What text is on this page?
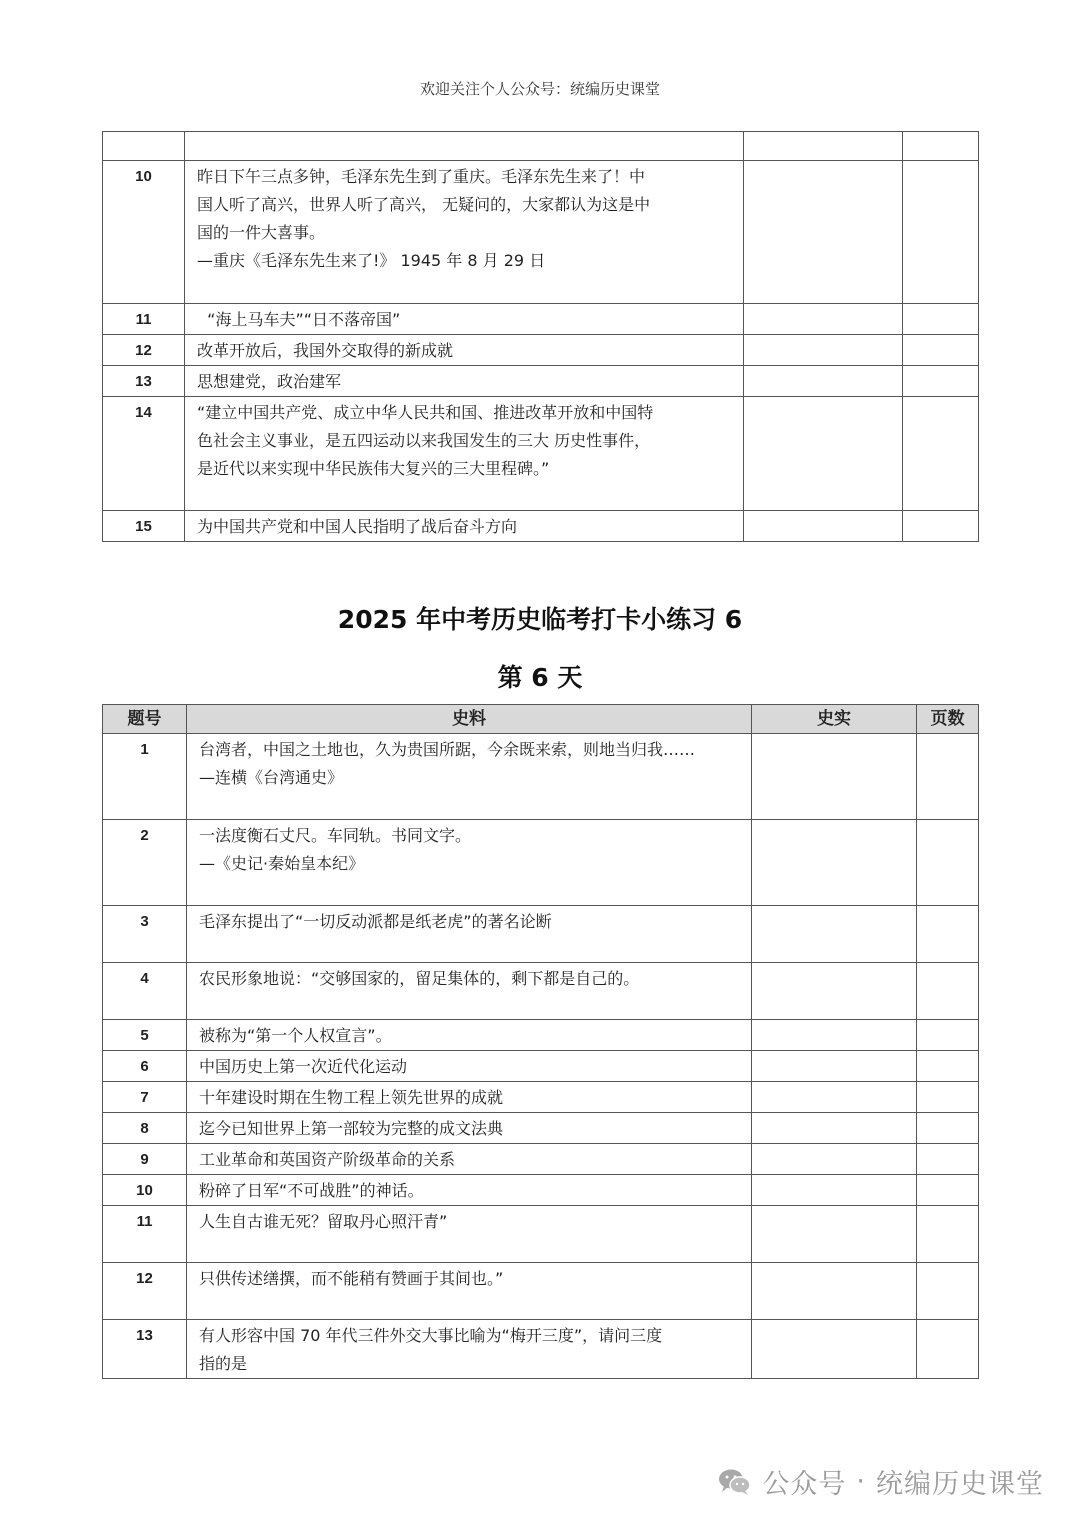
欢迎关注个人公众号：统编历史课堂

10	昨日下午三点多钟，毛泽东先生到了重庆。毛泽东先生来了！中
国人听了高兴，世界人听了高兴， 无疑问的，大家都认为这是中
国的一件大喜事。
—重庆《毛泽东先生来了!》 1945 年 8 月 29 日		

11	“海上马车夫”“日不落帝国”		

12	改革开放后，我国外交取得的新成就		

13	思想建党，政治建军		

14	“建立中国共产党、成立中华人民共和国、推进改革开放和中国特
色社会主义事业，是五四运动以来我国发生的三大 历史性事件，
是近代以来实现中华民族伟大复兴的三大里程碑。”		

15	为中国共产党和中国人民指明了战后奋斗方向		

2025 年中考历史临考打卡小练习 6
第 6 天
题号	史料	史实	页数
1	台湾者，中国之土地也，久为贵国所踞，今余既来索，则地当归我……
—连横《台湾通史》		

2	一法度衡石丈尺。车同轨。书同文字。
—《史记·秦始皇本纪》		

3	毛泽东提出了“一切反动派都是纸老虎”的著名论断		

4	农民形象地说：“交够国家的，留足集体的，剩下都是自己的。		

5	被称为“第一个人权宣言”。		

6	中国历史上第一次近代化运动		

7	十年建设时期在生物工程上领先世界的成就		

8	迄今已知世界上第一部较为完整的成文法典		

9	工业革命和英国资产阶级革命的关系		

10	粉碎了日军“不可战胜”的神话。		

11	人生自古谁无死？留取丹心照汗青”		

12	只供传述缮撰，而不能稍有赞画于其间也。”		

13	有人形容中国 70 年代三件外交大事比喻为“梅开三度”，请问三度
指的是		

公众号 · 统编历史课堂
